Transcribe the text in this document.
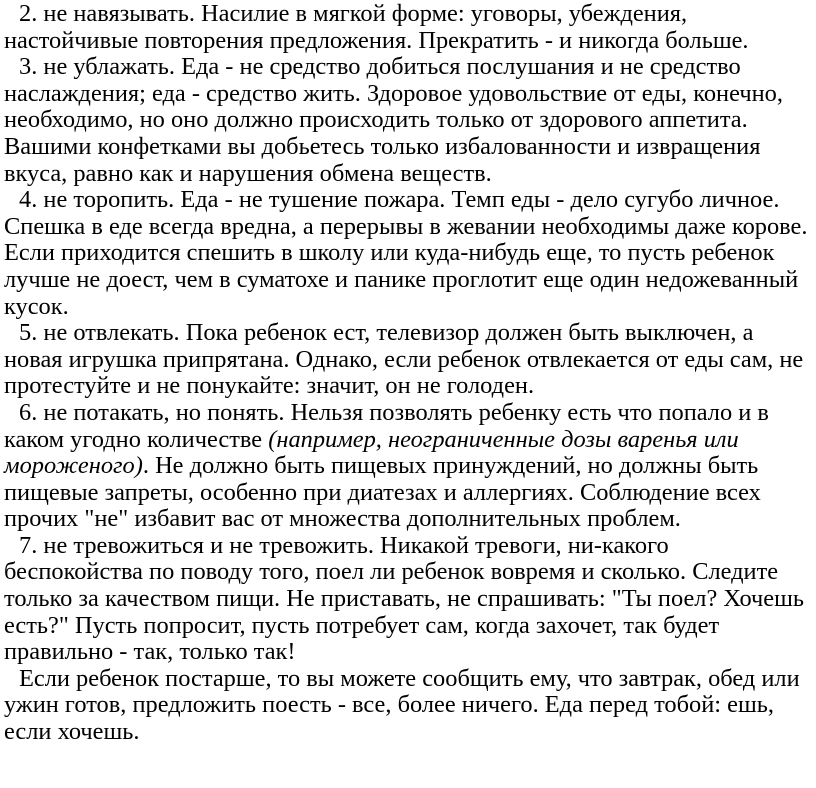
2. не навязывать. Насилие в мягкой форме: уговоры, убеждения,
настойчивые повторения предложения. Прекратить - и никогда больше.
3. не ублажать. Еда - не средство добиться послушания и не средство
наслаждения; еда - средство жить. Здоровое удовольствие от еды, конечно,
необходимо, но оно должно происходить только от здорового аппетита.
Вашими конфетками вы добьетесь только избалованности и извращения
вкуса, равно как и нарушения обмена веществ.
4. не торопить. Еда - не тушение пожара. Темп еды - дело сугубо личное.
Спешка в еде всегда вредна, а перерывы в жевании необходимы даже корове.
Если приходится спешить в школу или куда-нибудь еще, то пусть ребенок
лучше не доест, чем в суматохе и панике проглотит еще один недожеванный
кусок.
5. не отвлекать. Пока ребенок ест, телевизор должен быть выключен, а
новая игрушка припрятана. Однако, если ребенок отвлекается от еды сам, не
протестуйте и не понукайте: значит, он не голоден.
6. не потакать, но понять. Нельзя позволять ребенку есть что попало и в
каком угодно количестве (например, неограниченные дозы варенья или
мороженого). Не должно быть пищевых принуждений, но должны быть
пищевые запреты, особенно при диатезах и аллергиях. Соблюдение всех
прочих "не" избавит вас от множества дополнительных проблем.
7. не тревожиться и не тревожить. Никакой тревоги, ни-какого
беспокойства по поводу того, поел ли ребенок вовремя и сколько. Следите
только за качеством пищи. Не приставать, не спрашивать: "Ты поел? Хочешь
есть?" Пусть попросит, пусть потребует сам, когда захочет, так будет
правильно - так, только так!
Если ребенок постарше, то вы можете сообщить ему, что завтрак, обед или
ужин готов, предложить поесть - все, более ничего. Еда перед тобой: ешь,
если хочешь.
